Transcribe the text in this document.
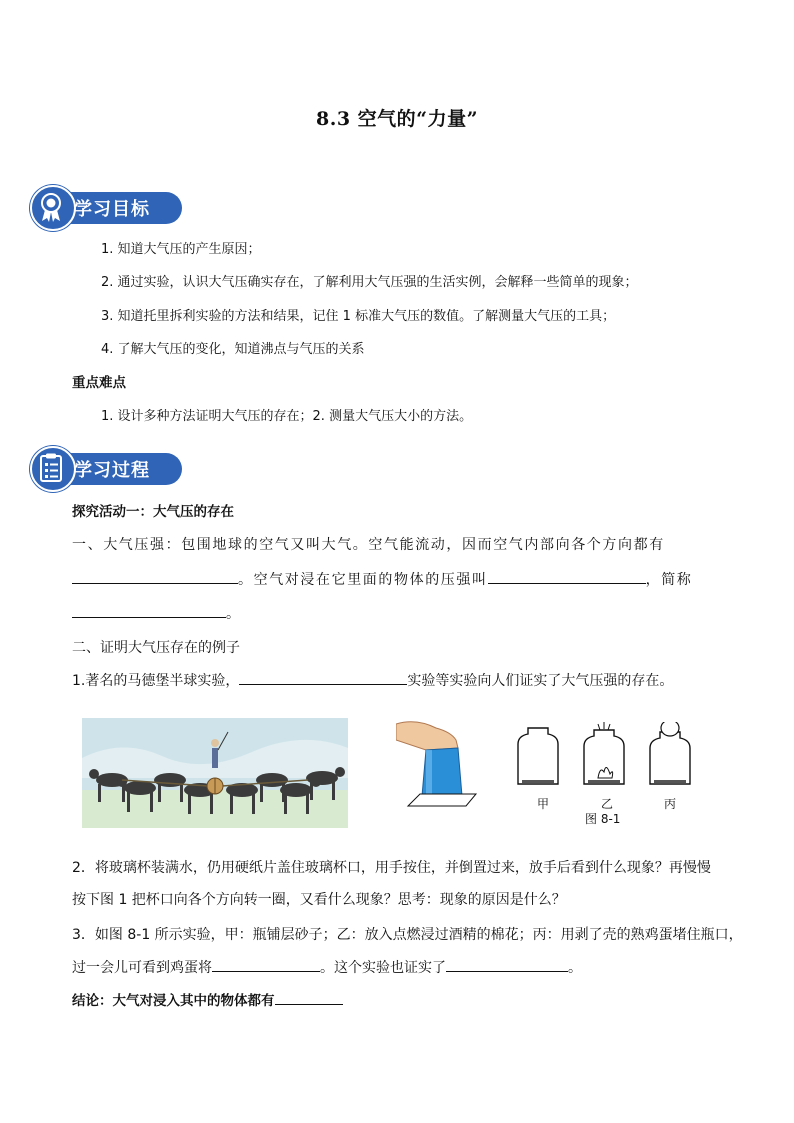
8.3 空气的“力量”
学习目标
1. 知道大气压的产生原因；
2. 通过实验，认识大气压确实存在，了解利用大气压强的生活实例，会解释一些简单的现象；
3. 知道托里拆利实验的方法和结果，记住 1 标准大气压的数值。了解测量大气压的工具；
4. 了解大气压的变化，知道沸点与气压的关系
重点难点
1. 设计多种方法证明大气压的存在；2. 测量大气压大小的方法。
学习过程
探究活动一：大气压的存在
一、大气压强：包围地球的空气又叫大气。空气能流动，因而空气内部向各个方向都有
。空气对浸在它里面的物体的压强叫	，简称
。
二、证明大气压存在的例子
1.著名的马德堡半球实验，	实验等实验向人们证实了大气压强的存在。
甲	乙	丙
图 8-1
2．将玻璃杯装满水，仍用硬纸片盖住玻璃杯口，用手按住，并倒置过来，放手后看到什么现象？再慢慢
按下图 1 把杯口向各个方向转一圈，又看什么现象？思考：现象的原因是什么？
3．如图 8-1 所示实验，甲：瓶铺层砂子；乙：放入点燃浸过酒精的棉花；丙：用剥了壳的熟鸡蛋堵住瓶口，
过一会儿可看到鸡蛋将	。这个实验也证实了	。
结论：大气对浸入其中的物体都有
